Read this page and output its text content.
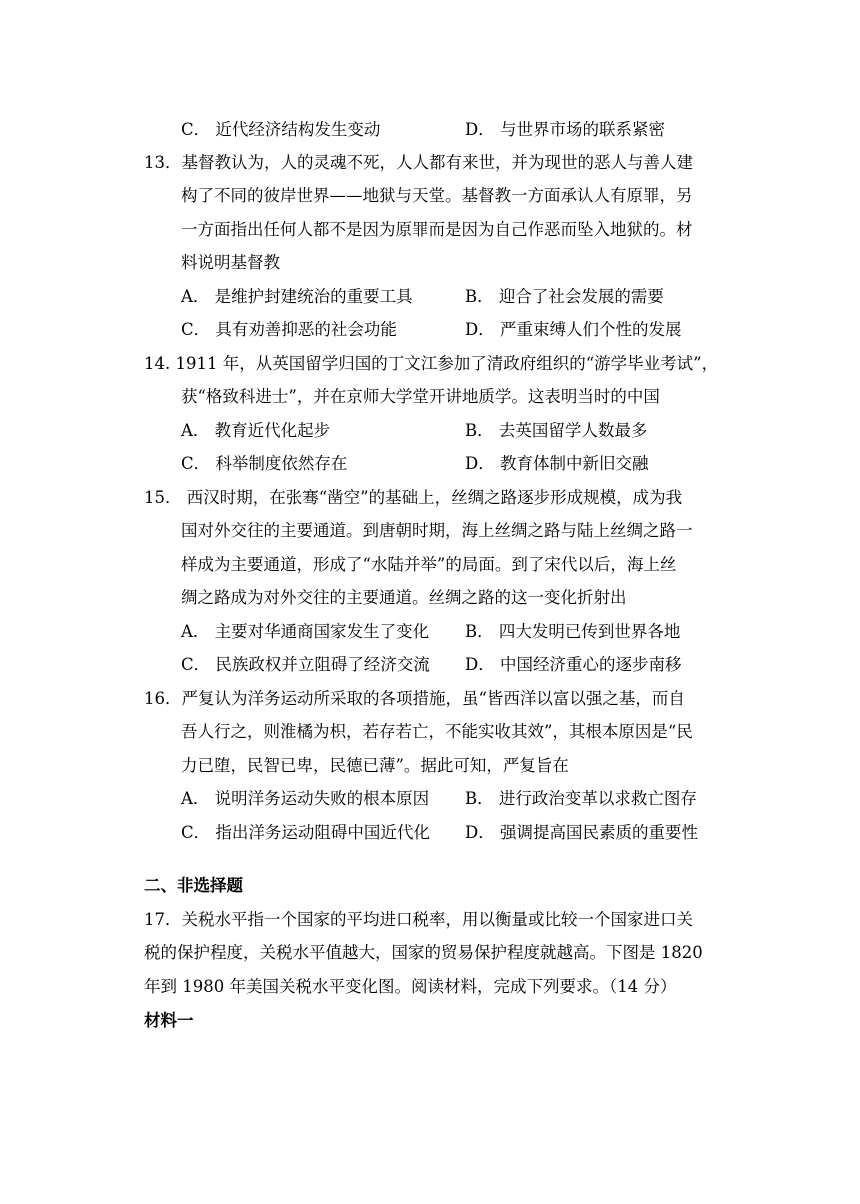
C． 近代经济结构发生变动	D． 与世界市场的联系紧密
13．基督教认为，人的灵魂不死，人人都有来世，并为现世的恶人与善人建
构了不同的彼岸世界——地狱与天堂。基督教一方面承认人有原罪，另
一方面指出任何人都不是因为原罪而是因为自己作恶而坠入地狱的。材
料说明基督教
A． 是维护封建统治的重要工具	B． 迎合了社会发展的需要
C． 具有劝善抑恶的社会功能	D． 严重束缚人们个性的发展
14. 1911 年，从英国留学归国的丁文江参加了清政府组织的“游学毕业考试”，
获“格致科进士”，并在京师大学堂开讲地质学。这表明当时的中国
A． 教育近代化起步	B． 去英国留学人数最多
C． 科举制度依然存在	D． 教育体制中新旧交融
15． 西汉时期，在张骞“凿空”的基础上，丝绸之路逐步形成规模，成为我
国对外交往的主要通道。到唐朝时期，海上丝绸之路与陆上丝绸之路一
样成为主要通道，形成了“水陆并举”的局面。到了宋代以后，海上丝
绸之路成为对外交往的主要通道。丝绸之路的这一变化折射出
A． 主要对华通商国家发生了变化 B． 四大发明已传到世界各地
C． 民族政权并立阻碍了经济交流 D． 中国经济重心的逐步南移
16．严复认为洋务运动所采取的各项措施，虽“皆西洋以富以强之基，而自
吾人行之，则淮橘为枳，若存若亡，不能实收其效”，其根本原因是“民
力已堕，民智已卑，民德已薄”。据此可知，严复旨在
A． 说明洋务运动失败的根本原因 B． 进行政治变革以求救亡图存
C． 指出洋务运动阻碍中国近代化 D． 强调提高国民素质的重要性
二、非选择题
17．关税水平指一个国家的平均进口税率，用以衡量或比较一个国家进口关
税的保护程度，关税水平值越大，国家的贸易保护程度就越高。下图是 1820
年到 1980 年美国关税水平变化图。阅读材料，完成下列要求。（14 分）
材料一
